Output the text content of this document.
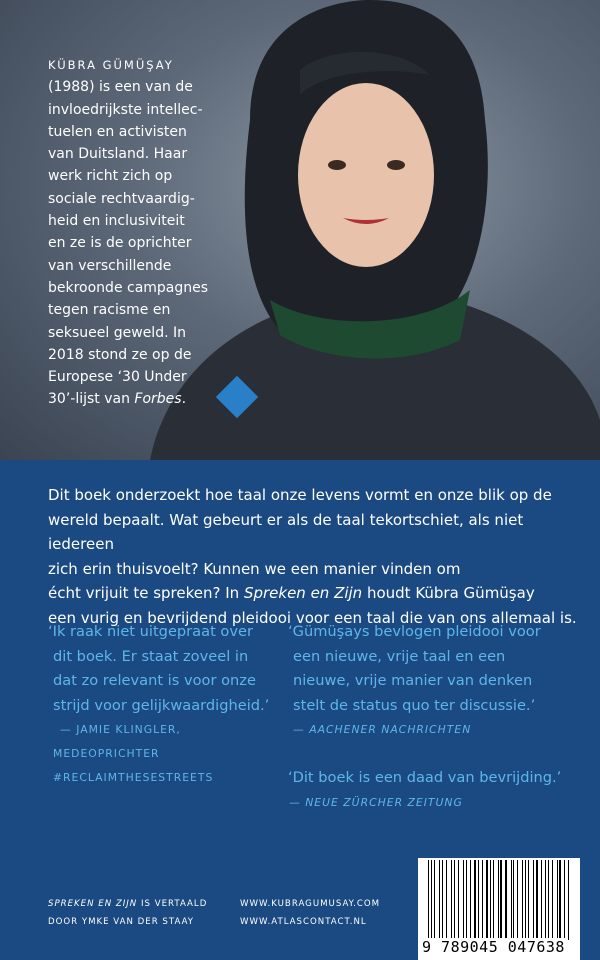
KÜBRA GÜMÜŞAY
(1988) is een van de
invloedrijkste intellec-
tuelen en activisten
van Duitsland. Haar
werk richt zich op
sociale rechtvaardig-
heid en inclusiviteit
en ze is de oprichter
van verschillende
bekroonde campagnes
tegen racisme en
seksueel geweld. In
2018 stond ze op de
Europese ‘30 Under
30’-lijst van Forbes.
Dit boek onderzoekt hoe taal onze levens vormt en onze blik op de
wereld bepaalt. Wat gebeurt er als de taal tekortschiet, als niet iedereen
zich erin thuisvoelt? Kunnen we een manier vinden om
écht vrijuit te spreken? In Spreken en Zijn houdt Kübra Gümüşay
een vurig en bevrijdend pleidooi voor een taal die van ons allemaal is.
‘Ik raak niet uitgepraat over
dit boek. Er staat zoveel in
dat zo relevant is voor onze
strijd voor gelijkwaardigheid.’
— JAMIE KLINGLER,
MEDEOPRICHTER
#RECLAIMTHESESTREETS
‘Gümüşays bevlogen pleidooi voor
een nieuwe, vrije taal en een
nieuwe, vrije manier van denken
stelt de status quo ter discussie.’
— AACHENER NACHRICHTEN
‘Dit boek is een daad van bevrijding.’
— NEUE ZÜRCHER ZEITUNG
SPREKEN EN ZIJN IS VERTAALD
DOOR YMKE VAN DER STAAY
WWW.KUBRAGUMUSAY.COM
WWW.ATLASCONTACT.NL
9 789045 047638
